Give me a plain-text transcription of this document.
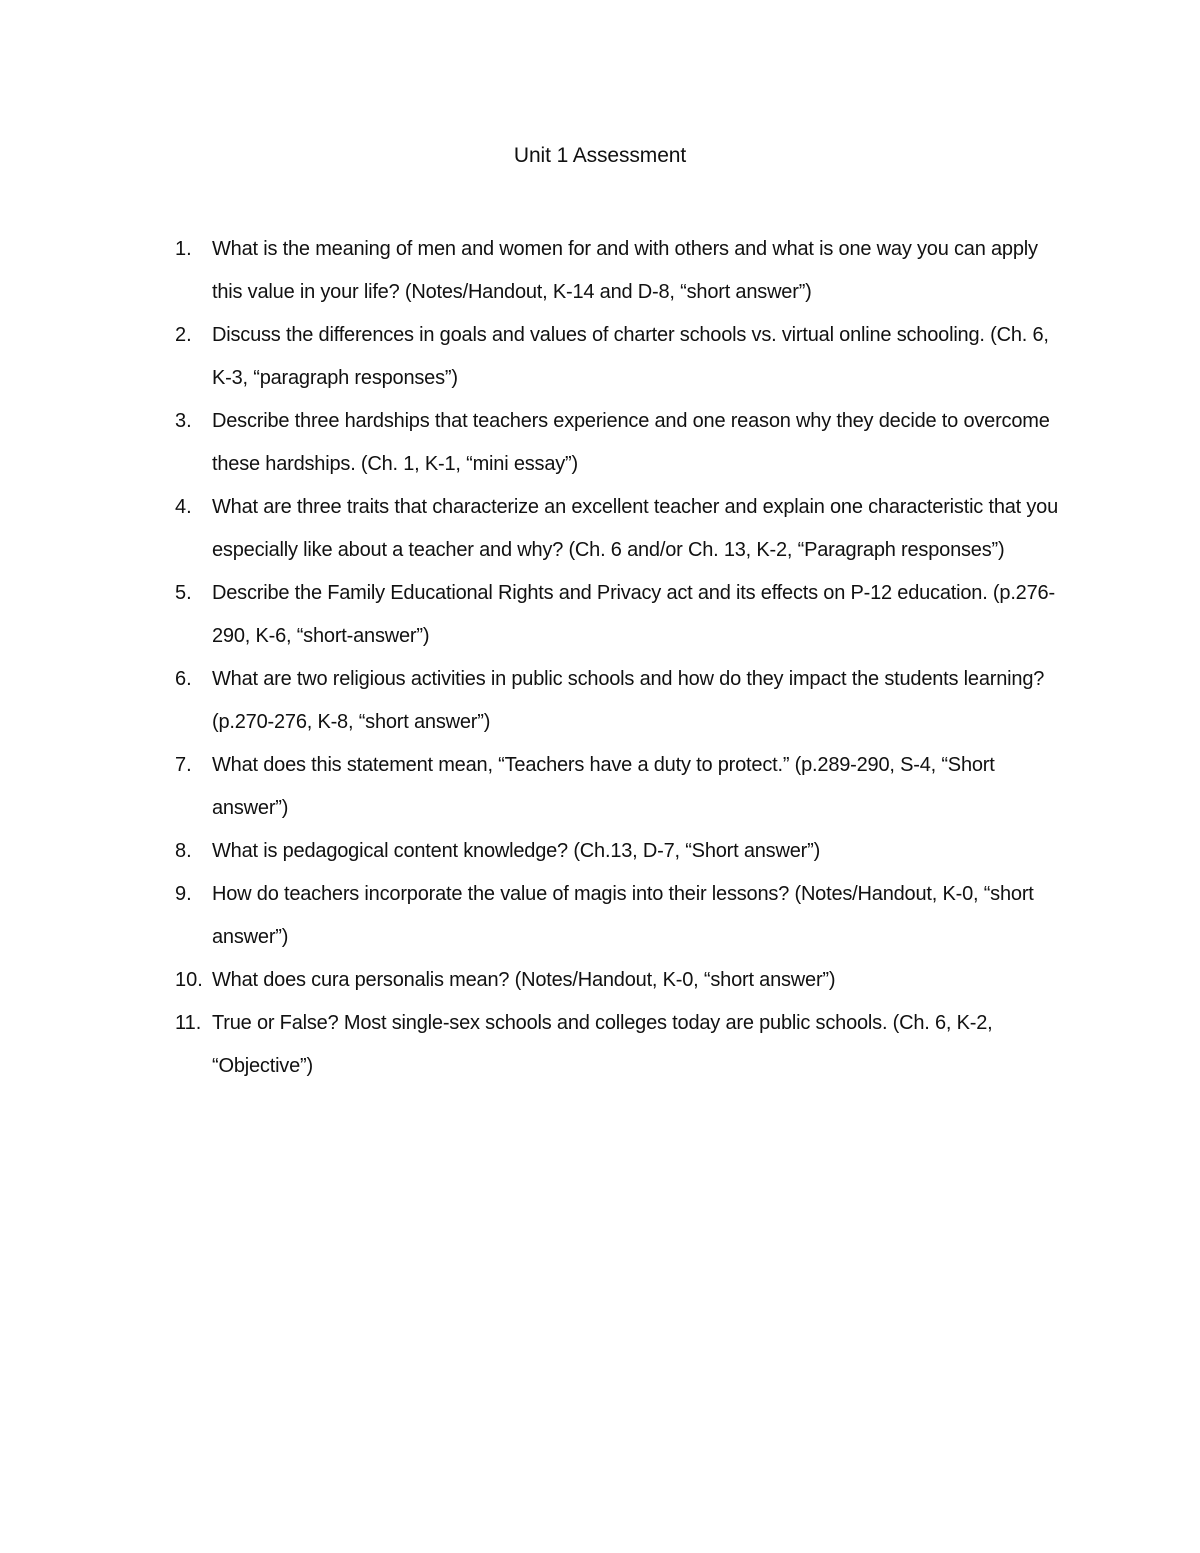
Unit 1 Assessment
1.	What is the meaning of men and women for and with others and what is one way you can apply this value in your life? (Notes/Handout, K-14 and D-8, “short answer”)
2.	Discuss the differences in goals and values of charter schools vs. virtual online schooling. (Ch. 6, K-3, “paragraph responses”)
3.	Describe three hardships that teachers experience and one reason why they decide to overcome these hardships. (Ch. 1, K-1, “mini essay”)
4.	What are three traits that characterize an excellent teacher and explain one characteristic that you especially like about a teacher and why? (Ch. 6 and/or Ch. 13, K-2, “Paragraph responses”)
5.	Describe the Family Educational Rights and Privacy act and its effects on P-12 education. (p.276-290, K-6, “short-answer”)
6.	What are two religious activities in public schools and how do they impact the students learning? (p.270-276, K-8, “short answer”)
7.	What does this statement mean, “Teachers have a duty to protect.” (p.289-290, S-4, “Short answer”)
8.	What is pedagogical content knowledge? (Ch.13, D-7, “Short answer”)
9.	How do teachers incorporate the value of magis into their lessons? (Notes/Handout, K-0, “short answer”)
10. What does cura personalis mean? (Notes/Handout, K-0, “short answer”)
11. True or False? Most single-sex schools and colleges today are public schools. (Ch. 6, K-2, “Objective”)
